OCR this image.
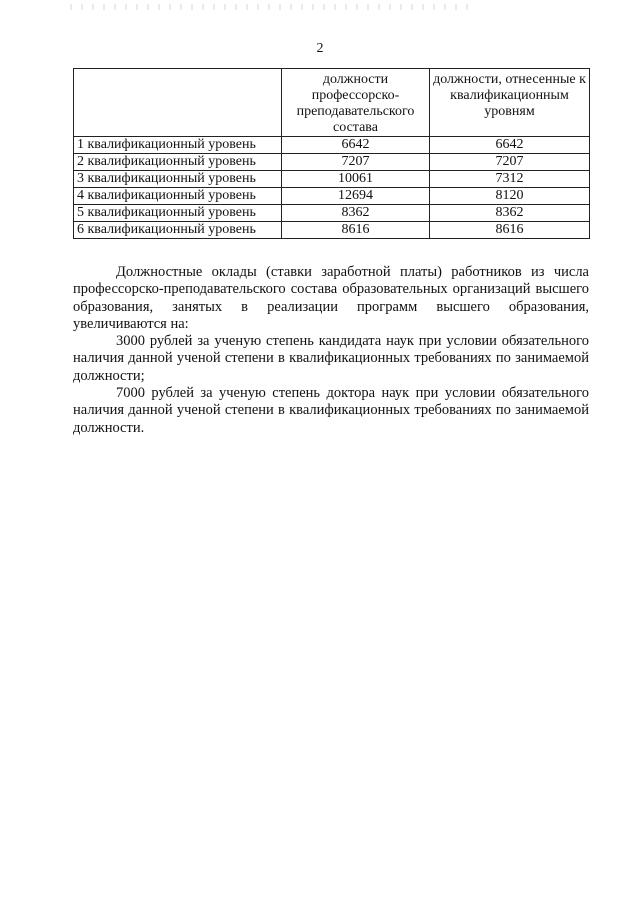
2
	должности профессорско-преподавательского состава	должности, отнесенные к квалификационным уровням
1 квалификационный уровень	6642	6642
2 квалификационный уровень	7207	7207
3 квалификационный уровень	10061	7312
4 квалификационный уровень	12694	8120
5 квалификационный уровень	8362	8362
6 квалификационный уровень	8616	8616

Должностные оклады (ставки заработной платы) работников из числа профессорско-преподавательского состава образовательных организаций высшего образования, занятых в реализации программ высшего образования, увеличиваются на:

3000 рублей за ученую степень кандидата наук при условии обязательного наличия данной ученой степени в квалификационных требованиях по занимаемой должности;

7000 рублей за ученую степень доктора наук при условии обязательного наличия данной ученой степени в квалификационных требованиях по занимаемой должности.
